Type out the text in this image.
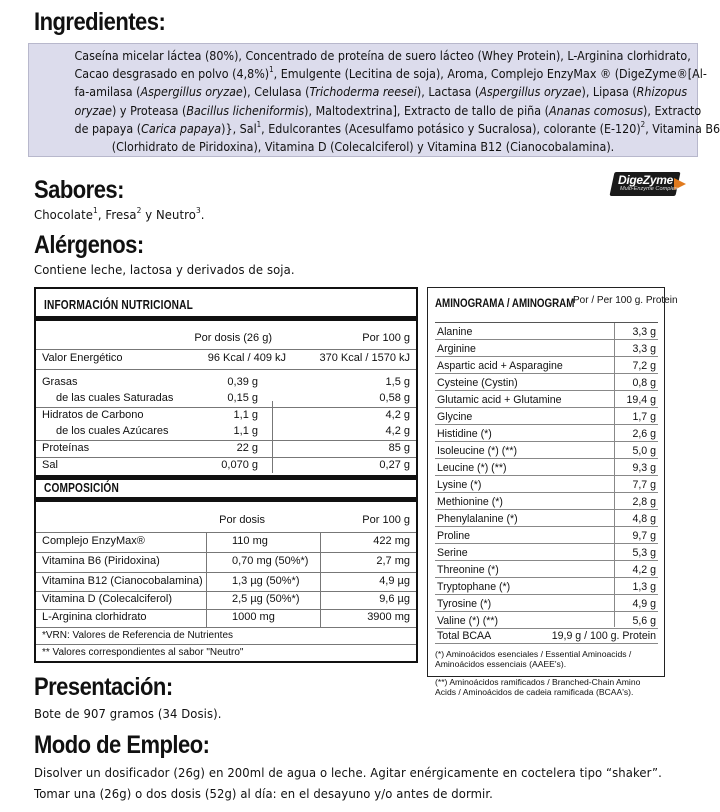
Ingredientes:
Caseína micelar láctea (80%), Concentrado de proteína de suero lácteo (Whey Protein), L-Arginina clorhidrato,
Cacao desgrasado en polvo $(4,8\%)^1$, Emulgente (Lecitina de soja), Aroma, Complejo EnzyMax ® (DigeZyme®[Al-
fa-amilasa (Aspergillus oryzae), Celulasa (Trichoderma reesei), Lactasa (Aspergillus oryzae), Lipasa (Rhizopus
oryzae) y Proteasa (Bacillus licheniformis), Maltodextrina], Extracto de tallo de piña (Ananas comosus), Extracto
de papaya (Carica papaya)}, Sal$^1$, Edulcorantes (Acesulfamo potásico y Sucralosa), colorante $(E-120)^2$, Vitamina B6
(Clorhidrato de Piridoxina), Vitamina D (Colecalciferol) y Vitamina B12 (Cianocobalamina).
Sabores:
Chocolate$^1$, Fresa$^2$ y Neutro$^3$.
DigeZyme
Multi-Enzyme Complex
Alérgenos:
Contiene leche, lactosa y derivados de soja.
INFORMACIÓN NUTRICIONAL
Por dosis (26 g)	Por 100 g
Valor Energético	96 Kcal / 409 kJ	370 Kcal / 1570 kJ
Grasas	0,39 g	1,5 g
de las cuales Saturadas	0,15 g	0,58 g
Hidratos de Carbono	1,1 g	4,2 g
de los cuales Azúcares	1,1 g	4,2 g
Proteínas	22 g	85 g
Sal	0,070 g	0,27 g
COMPOSICIÓN
Por dosis	Por 100 g
Complejo EnzyMax®	110 mg	422 mg
Vitamina B6 (Piridoxina)	0,70 mg (50%*)	2,7 mg
Vitamina B12 (Cianocobalamina)	1,3 µg (50%*)	4,9 µg
Vitamina D (Colecalciferol)	2,5 µg (50%*)	9,6 µg
L-Arginina clorhidrato	1000 mg	3900 mg
*VRN: Valores de Referencia de Nutrientes
** Valores correspondientes al sabor "Neutro"
AMINOGRAMA / AMINOGRAM
Por / Per 100 g. Protein
Alanine	3,3 g
Arginine	3,3 g
Aspartic acid + Asparagine	7,2 g
Cysteine (Cystin)	0,8 g
Glutamic acid + Glutamine	19,4 g
Glycine	1,7 g
Histidine (*)	2,6 g
Isoleucine (*) (**)	5,0 g
Leucine (*) (**)	9,3 g
Lysine (*)	7,7 g
Methionine (*)	2,8 g
Phenylalanine (*)	4,8 g
Proline	9,7 g
Serine	5,3 g
Threonine (*)	4,2 g
Tryptophane (*)	1,3 g
Tyrosine (*)	4,9 g
Valine (*) (**)	5,6 g
Total BCAA	19,9 g / 100 g. Protein
(*) Aminoácidos esenciales / Essential Aminoacids / Aminoácidos essenciais (AAEE's).
(**) Aminoácidos ramificados / Branched-Chain Amino Acids / Aminoácidos de cadeia ramificada (BCAA's).
Presentación:
Bote de 907 gramos (34 Dosis).
Modo de Empleo:
Disolver un dosificador (26g) en 200ml de agua o leche. Agitar enérgicamente en coctelera tipo “shaker”.
Tomar una (26g) o dos dosis (52g) al día: en el desayuno y/o antes de dormir.
